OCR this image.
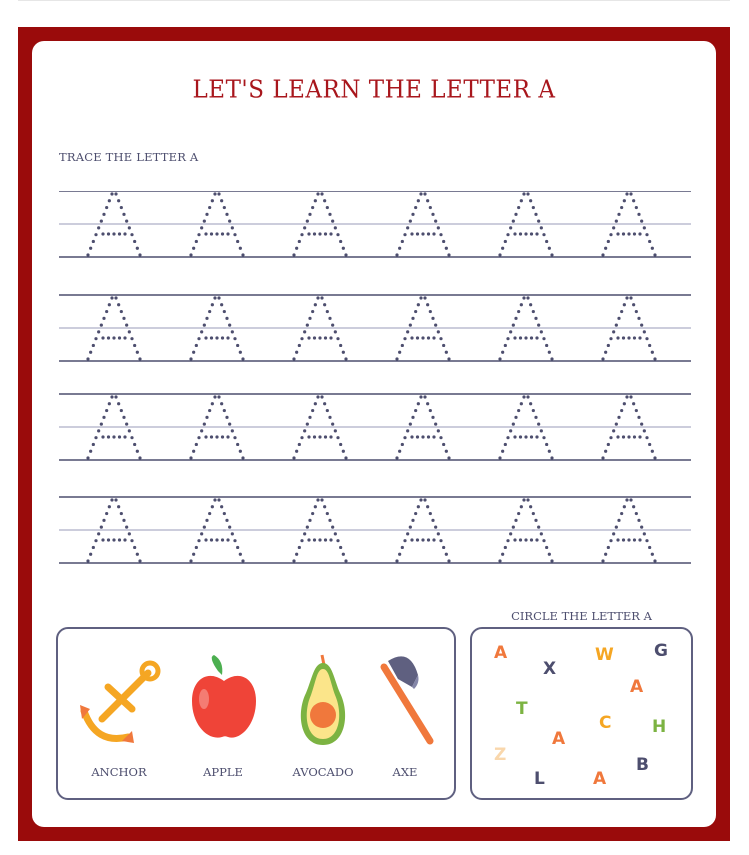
LET'S LEARN THE LETTER A
TRACE THE LETTER A
CIRCLE THE LETTER A
ANCHOR	APPLE	AVOCADO	AXE
A
X
W G
A
T
C H
A
Z	B
L	A
